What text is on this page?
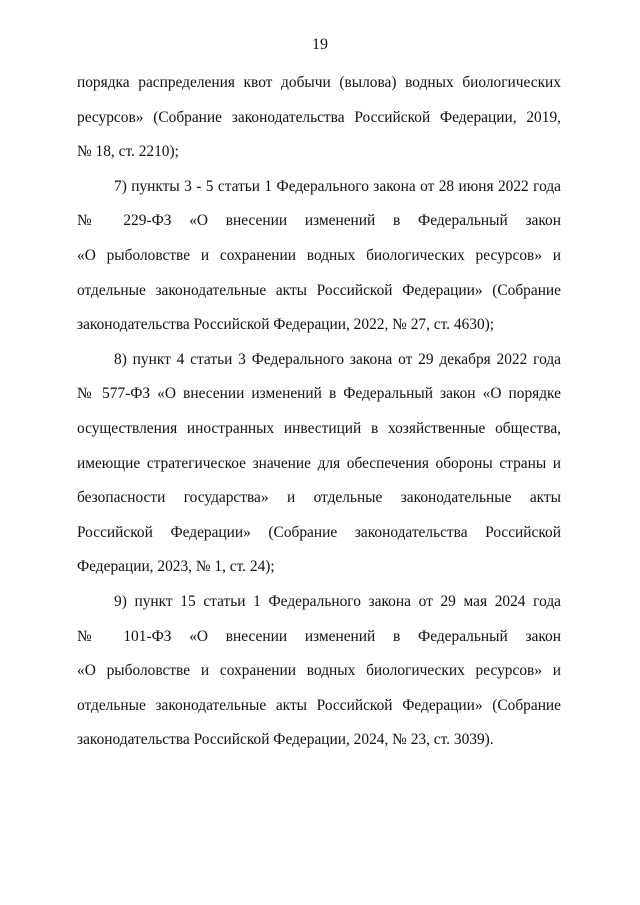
19

порядка распределения квот добычи (вылова) водных биологических
ресурсов» (Собрание законодательства Российской Федерации, 2019,
№ 18, ст. 2210);

7) пункты 3 - 5 статьи 1 Федерального закона от 28 июня 2022 года
№ 229-ФЗ «О внесении изменений в Федеральный закон
«О рыболовстве и сохранении водных биологических ресурсов» и
отдельные законодательные акты Российской Федерации» (Собрание
законодательства Российской Федерации, 2022, № 27, ст. 4630);

8) пункт 4 статьи 3 Федерального закона от 29 декабря 2022 года
№ 577-ФЗ «О внесении изменений в Федеральный закон «О порядке
осуществления иностранных инвестиций в хозяйственные общества,
имеющие стратегическое значение для обеспечения обороны страны и
безопасности государства» и отдельные законодательные акты
Российской Федерации» (Собрание законодательства Российской
Федерации, 2023, № 1, ст. 24);

9) пункт 15 статьи 1 Федерального закона от 29 мая 2024 года
№ 101-ФЗ «О внесении изменений в Федеральный закон
«О рыболовстве и сохранении водных биологических ресурсов» и
отдельные законодательные акты Российской Федерации» (Собрание
законодательства Российской Федерации, 2024, № 23, ст. 3039).
